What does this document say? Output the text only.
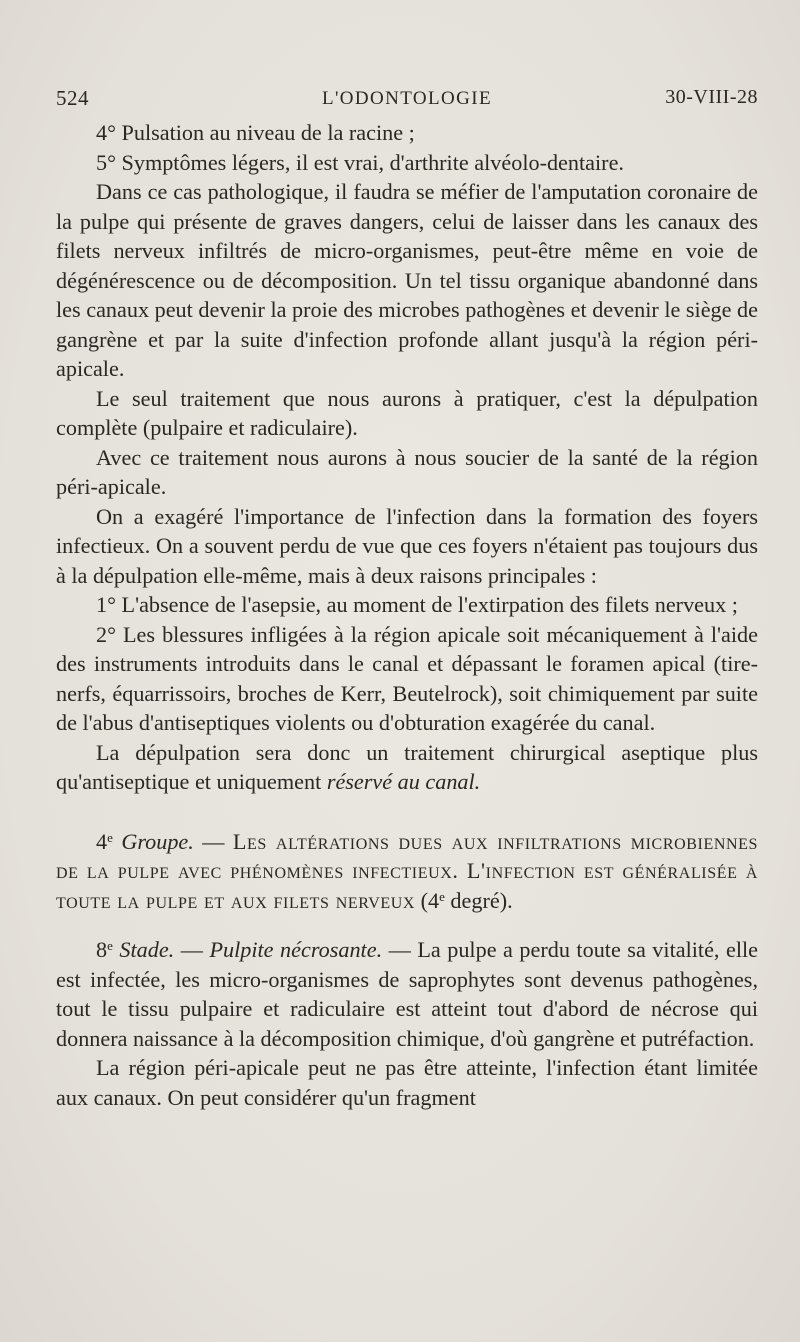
524	L'ODONTOLOGIE	30-VIII-28

4° Pulsation au niveau de la racine ;

5° Symptômes légers, il est vrai, d'arthrite alvéolo-dentaire.

Dans ce cas pathologique, il faudra se méfier de l'amputation coronaire de la pulpe qui présente de graves dangers, celui de laisser dans les canaux des filets nerveux infiltrés de micro-organismes, peut-être même en voie de dégénérescence ou de décomposition. Un tel tissu organique abandonné dans les canaux peut devenir la proie des microbes pathogènes et devenir le siège de gangrène et par la suite d'infection profonde allant jusqu'à la région péri-apicale.

Le seul traitement que nous aurons à pratiquer, c'est la dépulpation complète (pulpaire et radiculaire).

Avec ce traitement nous aurons à nous soucier de la santé de la région péri-apicale.

On a exagéré l'importance de l'infection dans la formation des foyers infectieux. On a souvent perdu de vue que ces foyers n'étaient pas toujours dus à la dépulpation elle-même, mais à deux raisons principales :

1° L'absence de l'asepsie, au moment de l'extirpation des filets nerveux ;

2° Les blessures infligées à la région apicale soit mécaniquement à l'aide des instruments introduits dans le canal et dépassant le foramen apical (tire-nerfs, équarrissoirs, broches de Kerr, Beutelrock), soit chimiquement par suite de l'abus d'antiseptiques violents ou d'obturation exagérée du canal.

La dépulpation sera donc un traitement chirurgical aseptique plus qu'antiseptique et uniquement réservé au canal.

4e Groupe. — Les altérations dues aux infiltrations microbiennes de la pulpe avec phénomènes infectieux. L'infection est généralisée à toute la pulpe et aux filets nerveux (4e degré).

8e Stade. — Pulpite nécrosante. — La pulpe a perdu toute sa vitalité, elle est infectée, les micro-organismes de saprophytes sont devenus pathogènes, tout le tissu pulpaire et radiculaire est atteint tout d'abord de nécrose qui donnera naissance à la décomposition chimique, d'où gangrène et putréfaction.

La région péri-apicale peut ne pas être atteinte, l'infection étant limitée aux canaux. On peut considérer qu'un fragment
